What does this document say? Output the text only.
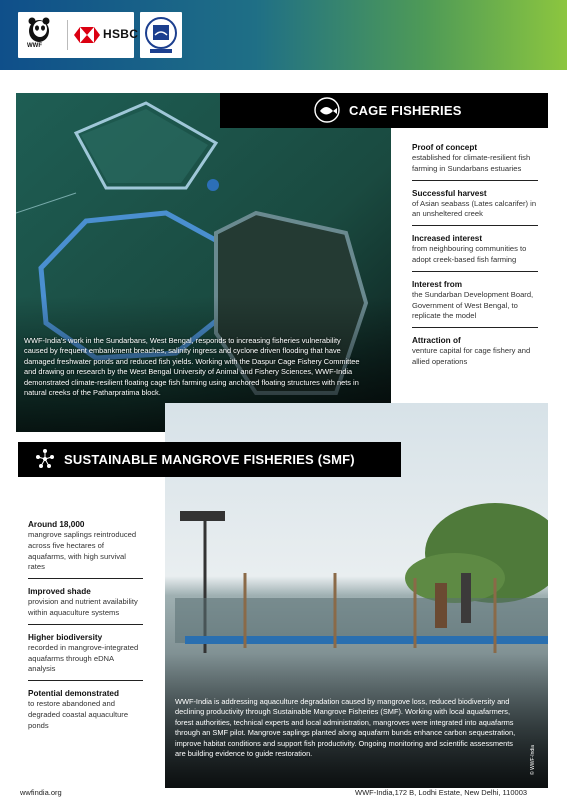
WWF
HSBC
WWF-India's work in the Sundarbans, West Bengal, responds to increasing fisheries vulnerability caused by frequent embankment breaches, salinity ingress and cyclone driven flooding that have damaged freshwater ponds and reduced fish yields. Working with the Daspur Cage Fishery Committee and drawing on research by the West Bengal University of Animal and Fishery Sciences, WWF-India demonstrated climate-resilient floating cage fish farming using anchored floating structures with nets in natural creeks of the Patharpratima block.
CAGE FISHERIES
Proof of concept
established for climate-resilient fish farming in Sundarbans estuaries
Successful harvest
of Asian seabass (Lates calcarifer) in an unsheltered creek
Increased interest
from neighbouring communities to adopt creek-based fish farming
Interest from
the Sundarban Development Board, Government of West Bengal, to replicate the model
Attraction of
venture capital for cage fishery and allied operations
WWF-India is addressing aquaculture degradation caused by mangrove loss, reduced biodiversity and declining productivity through Sustainable Mangrove Fisheries (SMF). Working with local aquafarmers, forest authorities, technical experts and local administration, mangroves were integrated into aquafarms through an SMF pilot. Mangrove saplings planted along aquafarm bunds enhance carbon sequestration, improve habitat conditions and support fish productivity. Ongoing monitoring and scientific assessments are building evidence to guide restoration.	© WWF-India
SUSTAINABLE MANGROVE FISHERIES (SMF)
Around 18,000
mangrove saplings reintroduced across five hectares of aquafarms, with high survival rates
Improved shade
provision and nutrient availability within aquaculture systems
Higher biodiversity
recorded in mangrove-integrated aquafarms through eDNA analysis
Potential demonstrated
to restore abandoned and degraded coastal aquaculture ponds
wwfindia.org	WWF-India,172 B, Lodhi Estate, New Delhi, 110003
